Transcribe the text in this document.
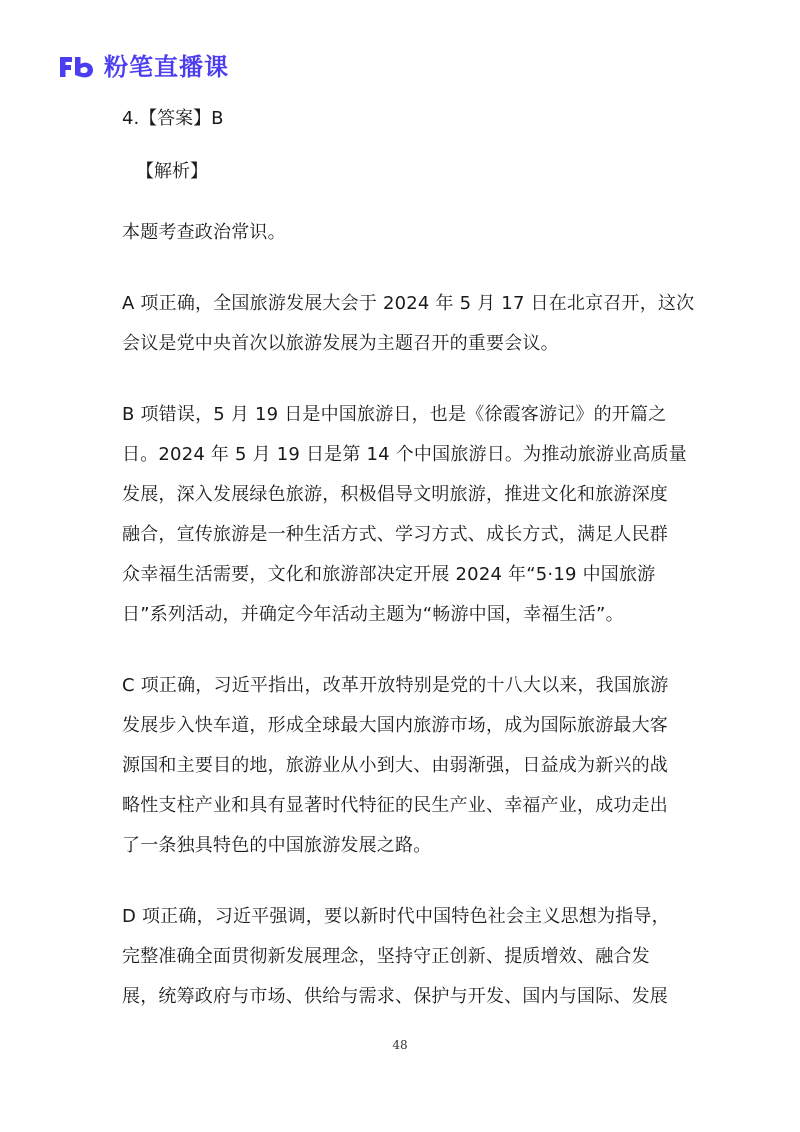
粉笔直播课
4.【答案】B
【解析】
本题考查政治常识。
A 项正确，全国旅游发展大会于 2024 年 5 月 17 日在北京召开，这次
会议是党中央首次以旅游发展为主题召开的重要会议。
B 项错误，5 月 19 日是中国旅游日，也是《徐霞客游记》的开篇之
日。2024 年 5 月 19 日是第 14 个中国旅游日。为推动旅游业高质量
发展，深入发展绿色旅游，积极倡导文明旅游，推进文化和旅游深度
融合，宣传旅游是一种生活方式、学习方式、成长方式，满足人民群
众幸福生活需要，文化和旅游部决定开展 2024 年“5·19 中国旅游
日”系列活动，并确定今年活动主题为“畅游中国，幸福生活”。
C 项正确，习近平指出，改革开放特别是党的十八大以来，我国旅游
发展步入快车道，形成全球最大国内旅游市场，成为国际旅游最大客
源国和主要目的地，旅游业从小到大、由弱渐强，日益成为新兴的战
略性支柱产业和具有显著时代特征的民生产业、幸福产业，成功走出
了一条独具特色的中国旅游发展之路。
D 项正确，习近平强调，要以新时代中国特色社会主义思想为指导，
完整准确全面贯彻新发展理念，坚持守正创新、提质增效、融合发
展，统筹政府与市场、供给与需求、保护与开发、国内与国际、发展
48
